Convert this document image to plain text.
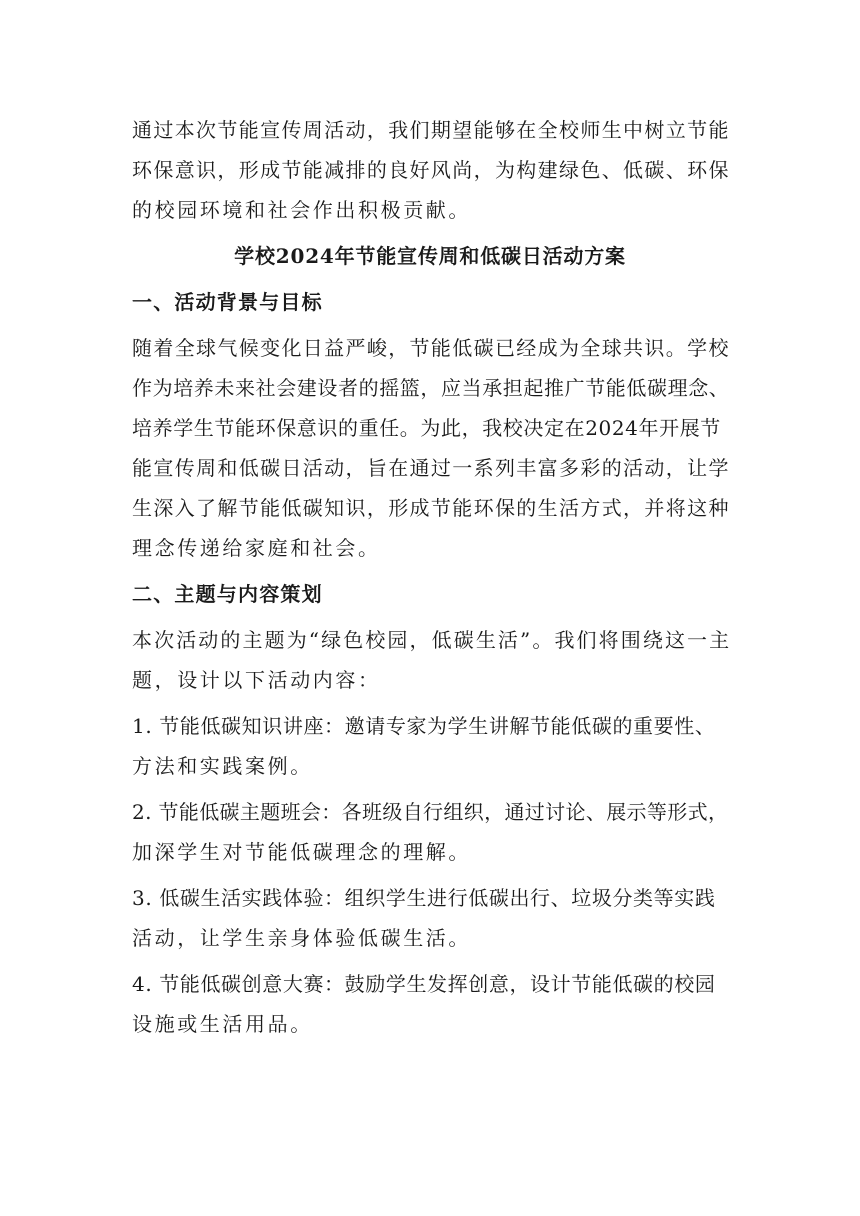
通过本次节能宣传周活动，我们期望能够在全校师生中树立节能
环保意识，形成节能减排的良好风尚，为构建绿色、低碳、环保
的校园环境和社会作出积极贡献。
学校2024年节能宣传周和低碳日活动方案
一、活动背景与目标
随着全球气候变化日益严峻，节能低碳已经成为全球共识。学校
作为培养未来社会建设者的摇篮，应当承担起推广节能低碳理念、
培养学生节能环保意识的重任。为此，我校决定在2024年开展节
能宣传周和低碳日活动，旨在通过一系列丰富多彩的活动，让学
生深入了解节能低碳知识，形成节能环保的生活方式，并将这种
理念传递给家庭和社会。
二、主题与内容策划
本次活动的主题为“绿色校园，低碳生活”。我们将围绕这一主
题，设计以下活动内容：
1. 节能低碳知识讲座：邀请专家为学生讲解节能低碳的重要性、
方法和实践案例。
2. 节能低碳主题班会：各班级自行组织，通过讨论、展示等形式，
加深学生对节能低碳理念的理解。
3. 低碳生活实践体验：组织学生进行低碳出行、垃圾分类等实践
活动，让学生亲身体验低碳生活。
4. 节能低碳创意大赛：鼓励学生发挥创意，设计节能低碳的校园
设施或生活用品。
